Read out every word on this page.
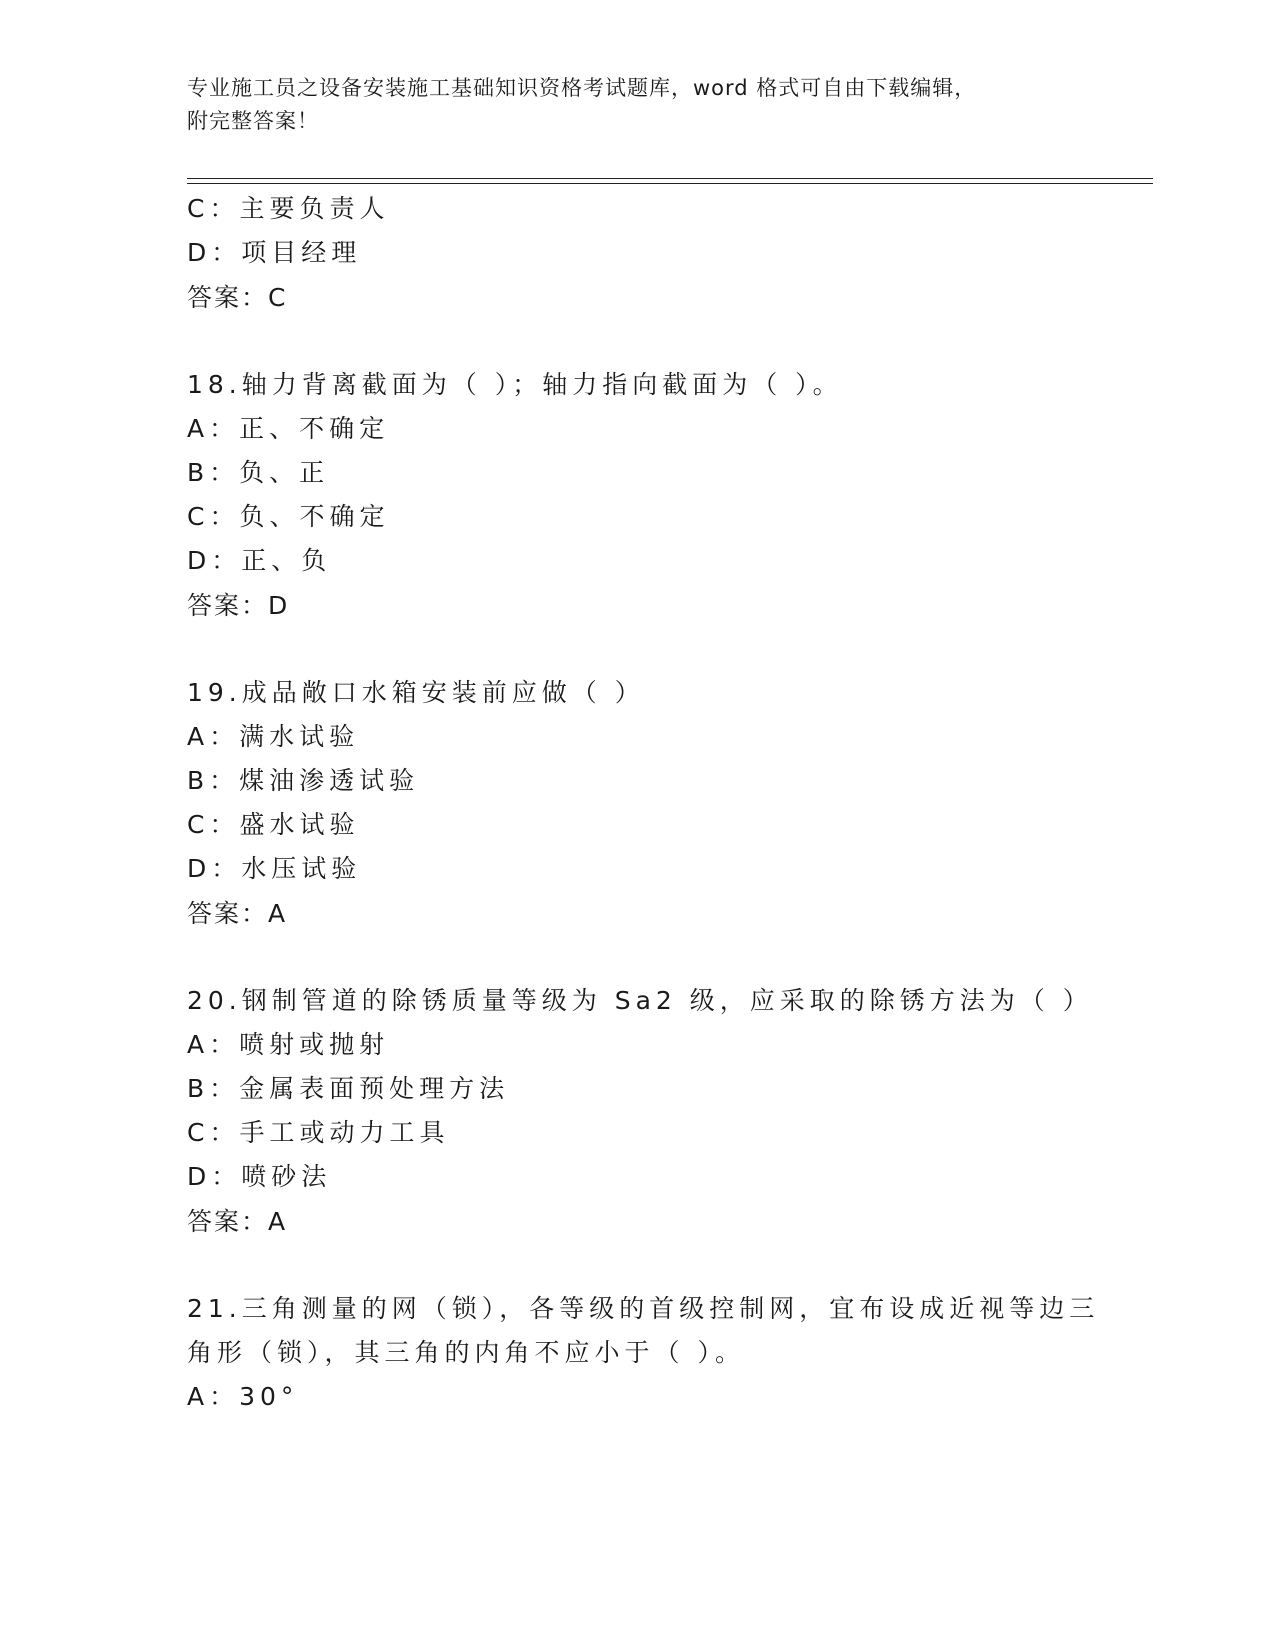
专业施工员之设备安装施工基础知识资格考试题库，word 格式可自由下载编辑，
附完整答案！
C：主要负责人
D：项目经理
答案：C
18.轴力背离截面为（ ）；轴力指向截面为（ ）。
A：正、不确定
B：负、正
C：负、不确定
D：正、负
答案：D
19.成品敞口水箱安装前应做（ ）
A：满水试验
B：煤油渗透试验
C：盛水试验
D：水压试验
答案：A
20.钢制管道的除锈质量等级为 Sa2 级，应采取的除锈方法为（ ）
A：喷射或抛射
B：金属表面预处理方法
C：手工或动力工具
D：喷砂法
答案：A
21.三角测量的网（锁），各等级的首级控制网，宜布设成近视等边三
角形（锁），其三角的内角不应小于（ ）。
A：30°
